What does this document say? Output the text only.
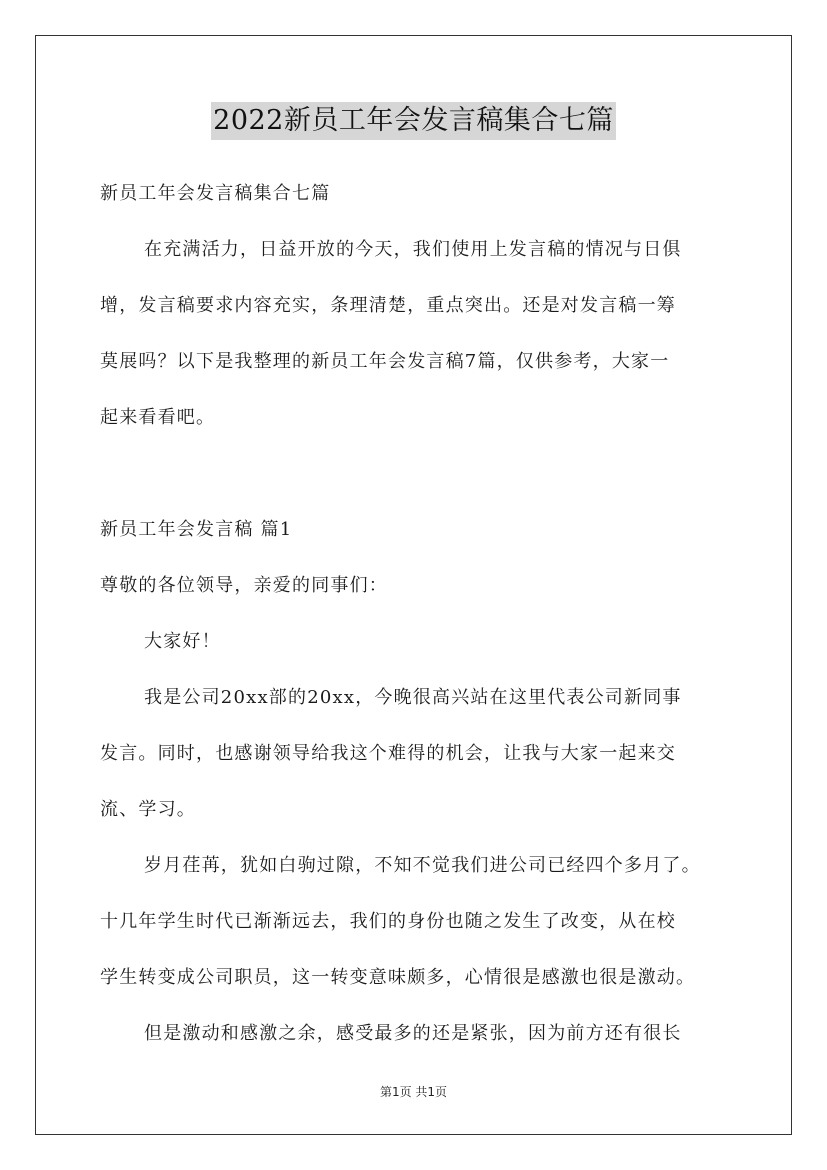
2022新员工年会发言稿集合七篇
新员工年会发言稿集合七篇
在充满活力，日益开放的今天，我们使用上发言稿的情况与日俱
增，发言稿要求内容充实，条理清楚，重点突出。还是对发言稿一筹
莫展吗？以下是我整理的新员工年会发言稿7篇，仅供参考，大家一
起来看看吧。
新员工年会发言稿 篇1
尊敬的各位领导，亲爱的同事们：
大家好！
我是公司20xx部的20xx，今晚很高兴站在这里代表公司新同事
发言。同时，也感谢领导给我这个难得的机会，让我与大家一起来交
流、学习。
岁月荏苒，犹如白驹过隙，不知不觉我们进公司已经四个多月了。
十几年学生时代已渐渐远去，我们的身份也随之发生了改变，从在校
学生转变成公司职员，这一转变意味颇多，心情很是感激也很是激动。
但是激动和感激之余，感受最多的还是紧张，因为前方还有很长
第1页 共1页
